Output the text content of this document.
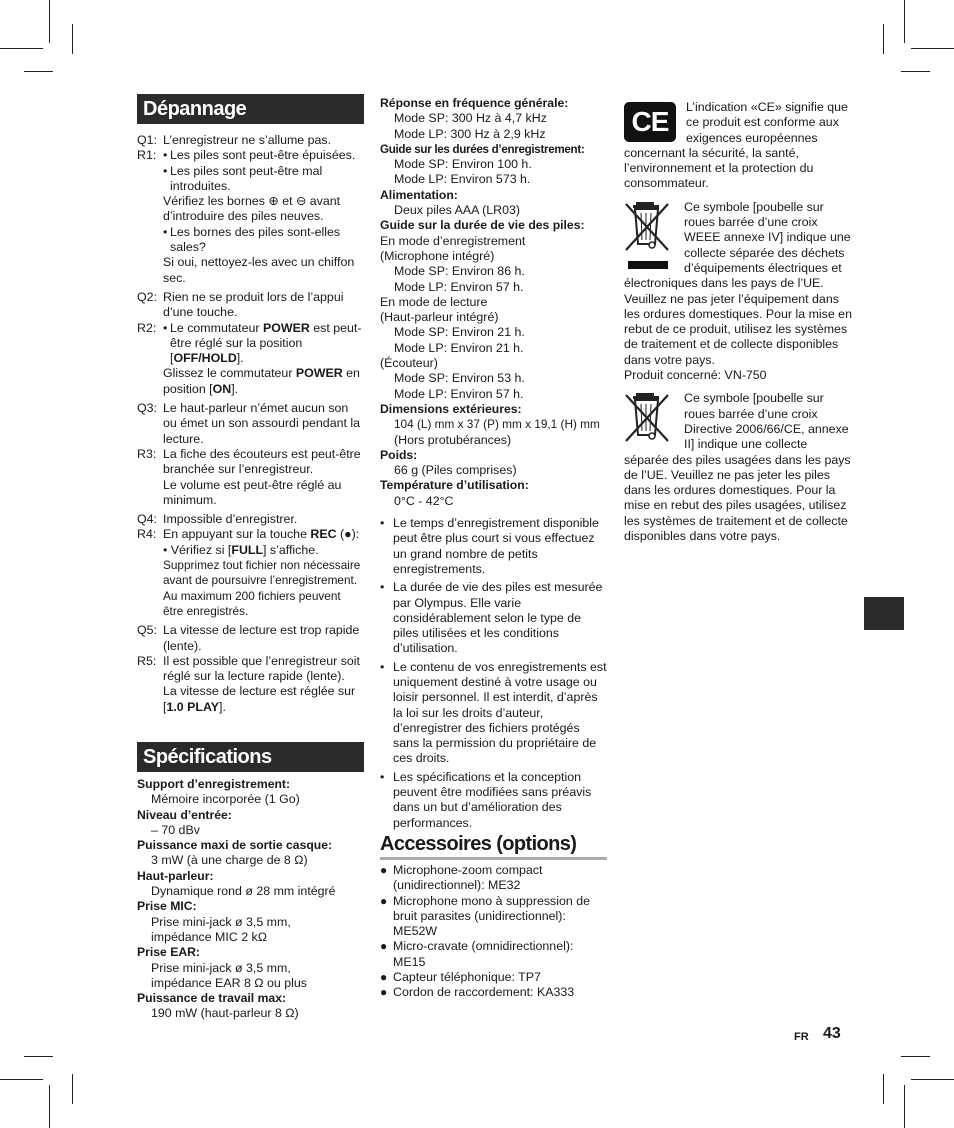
Dépannage
Q1: L’enregistreur ne s’allume pas.
R1: • Les piles sont peut-être épuisées.
• Les piles sont peut-être mal introduites.
Vérifiez les bornes ⊕ et ⊖ avant d’introduire des piles neuves.
• Les bornes des piles sont-elles sales?
Si oui, nettoyez-les avec un chiffon sec.
Q2: Rien ne se produit lors de l’appui d’une touche.
R2: • Le commutateur POWER est peut-être réglé sur la position [OFF/HOLD].
Glissez le commutateur POWER en position [ON].
Q3: Le haut-parleur n’émet aucun son ou émet un son assourdi pendant la lecture.
R3: La fiche des écouteurs est peut-être branchée sur l’enregistreur.
Le volume est peut-être réglé au minimum.
Q4: Impossible d’enregistrer.
R4: En appuyant sur la touche REC (●):
• Vérifiez si [FULL] s’affiche.
Supprimez tout fichier non nécessaire avant de poursuivre l’enregistrement. Au maximum 200 fichiers peuvent être enregistrés.
Q5: La vitesse de lecture est trop rapide (lente).
R5: Il est possible que l’enregistreur soit réglé sur la lecture rapide (lente).
La vitesse de lecture est réglée sur [1.0 PLAY].
Spécifications
Support d’enregistrement:
Mémoire incorporée (1 Go)
Niveau d’entrée:
– 70 dBv
Puissance maxi de sortie casque:
3 mW (à une charge de 8 Ω)
Haut-parleur:
Dynamique rond ø 28 mm intégré
Prise MIC:
Prise mini-jack ø 3,5 mm,
impédance MIC 2 kΩ
Prise EAR:
Prise mini-jack ø 3,5 mm,
impédance EAR 8 Ω ou plus
Puissance de travail max:
190 mW (haut-parleur 8 Ω)
Réponse en fréquence générale:
Mode SP: 300 Hz à 4,7 kHz
Mode LP: 300 Hz à 2,9 kHz
Guide sur les durées d’enregistrement:
Mode SP: Environ 100 h.
Mode LP: Environ 573 h.
Alimentation:
Deux piles AAA (LR03)
Guide sur la durée de vie des piles:
En mode d’enregistrement
(Microphone intégré)
Mode SP: Environ 86 h.
Mode LP: Environ 57 h.
En mode de lecture
(Haut-parleur intégré)
Mode SP: Environ 21 h.
Mode LP: Environ 21 h.
(Écouteur)
Mode SP: Environ 53 h.
Mode LP: Environ 57 h.
Dimensions extérieures:
104 (L) mm x 37 (P) mm x 19,1 (H) mm
(Hors protubérances)
Poids:
66 g (Piles comprises)
Température d’utilisation:
0°C - 42°C
• Le temps d’enregistrement disponible peut être plus court si vous effectuez un grand nombre de petits enregistrements.
• La durée de vie des piles est mesurée par Olympus. Elle varie considérablement selon le type de piles utilisées et les conditions d’utilisation.
• Le contenu de vos enregistrements est uniquement destiné à votre usage ou loisir personnel. Il est interdit, d’après la loi sur les droits d’auteur, d’enregistrer des fichiers protégés sans la permission du propriétaire de ces droits.
• Les spécifications et la conception peuvent être modifiées sans préavis dans un but d’amélioration des performances.
Accessoires (options)
● Microphone-zoom compact (unidirectionnel): ME32
● Microphone mono à suppression de bruit parasites (unidirectionnel): ME52W
● Micro-cravate (omnidirectionnel): ME15
● Capteur téléphonique: TP7
● Cordon de raccordement: KA333
CE	L’indication «CE» signifie que ce produit est conforme aux exigences européennes concernant la sécurité, la santé, l’environnement et la protection du consommateur.
Ce symbole [poubelle sur roues barrée d’une croix WEEE annexe IV] indique une collecte séparée des déchets d’équipements électriques et électroniques dans les pays de l’UE. Veuillez ne pas jeter l’équipement dans les ordures domestiques. Pour la mise en rebut de ce produit, utilisez les systèmes de traitement et de collecte disponibles dans votre pays.
Produit concerné: VN-750
Ce symbole [poubelle sur roues barrée d’une croix Directive 2006/66/CE, annexe II] indique une collecte séparée des piles usagées dans les pays de l’UE. Veuillez ne pas jeter les piles dans les ordures domestiques. Pour la mise en rebut des piles usagées, utilisez les systèmes de traitement et de collecte disponibles dans votre pays.
FR 43
